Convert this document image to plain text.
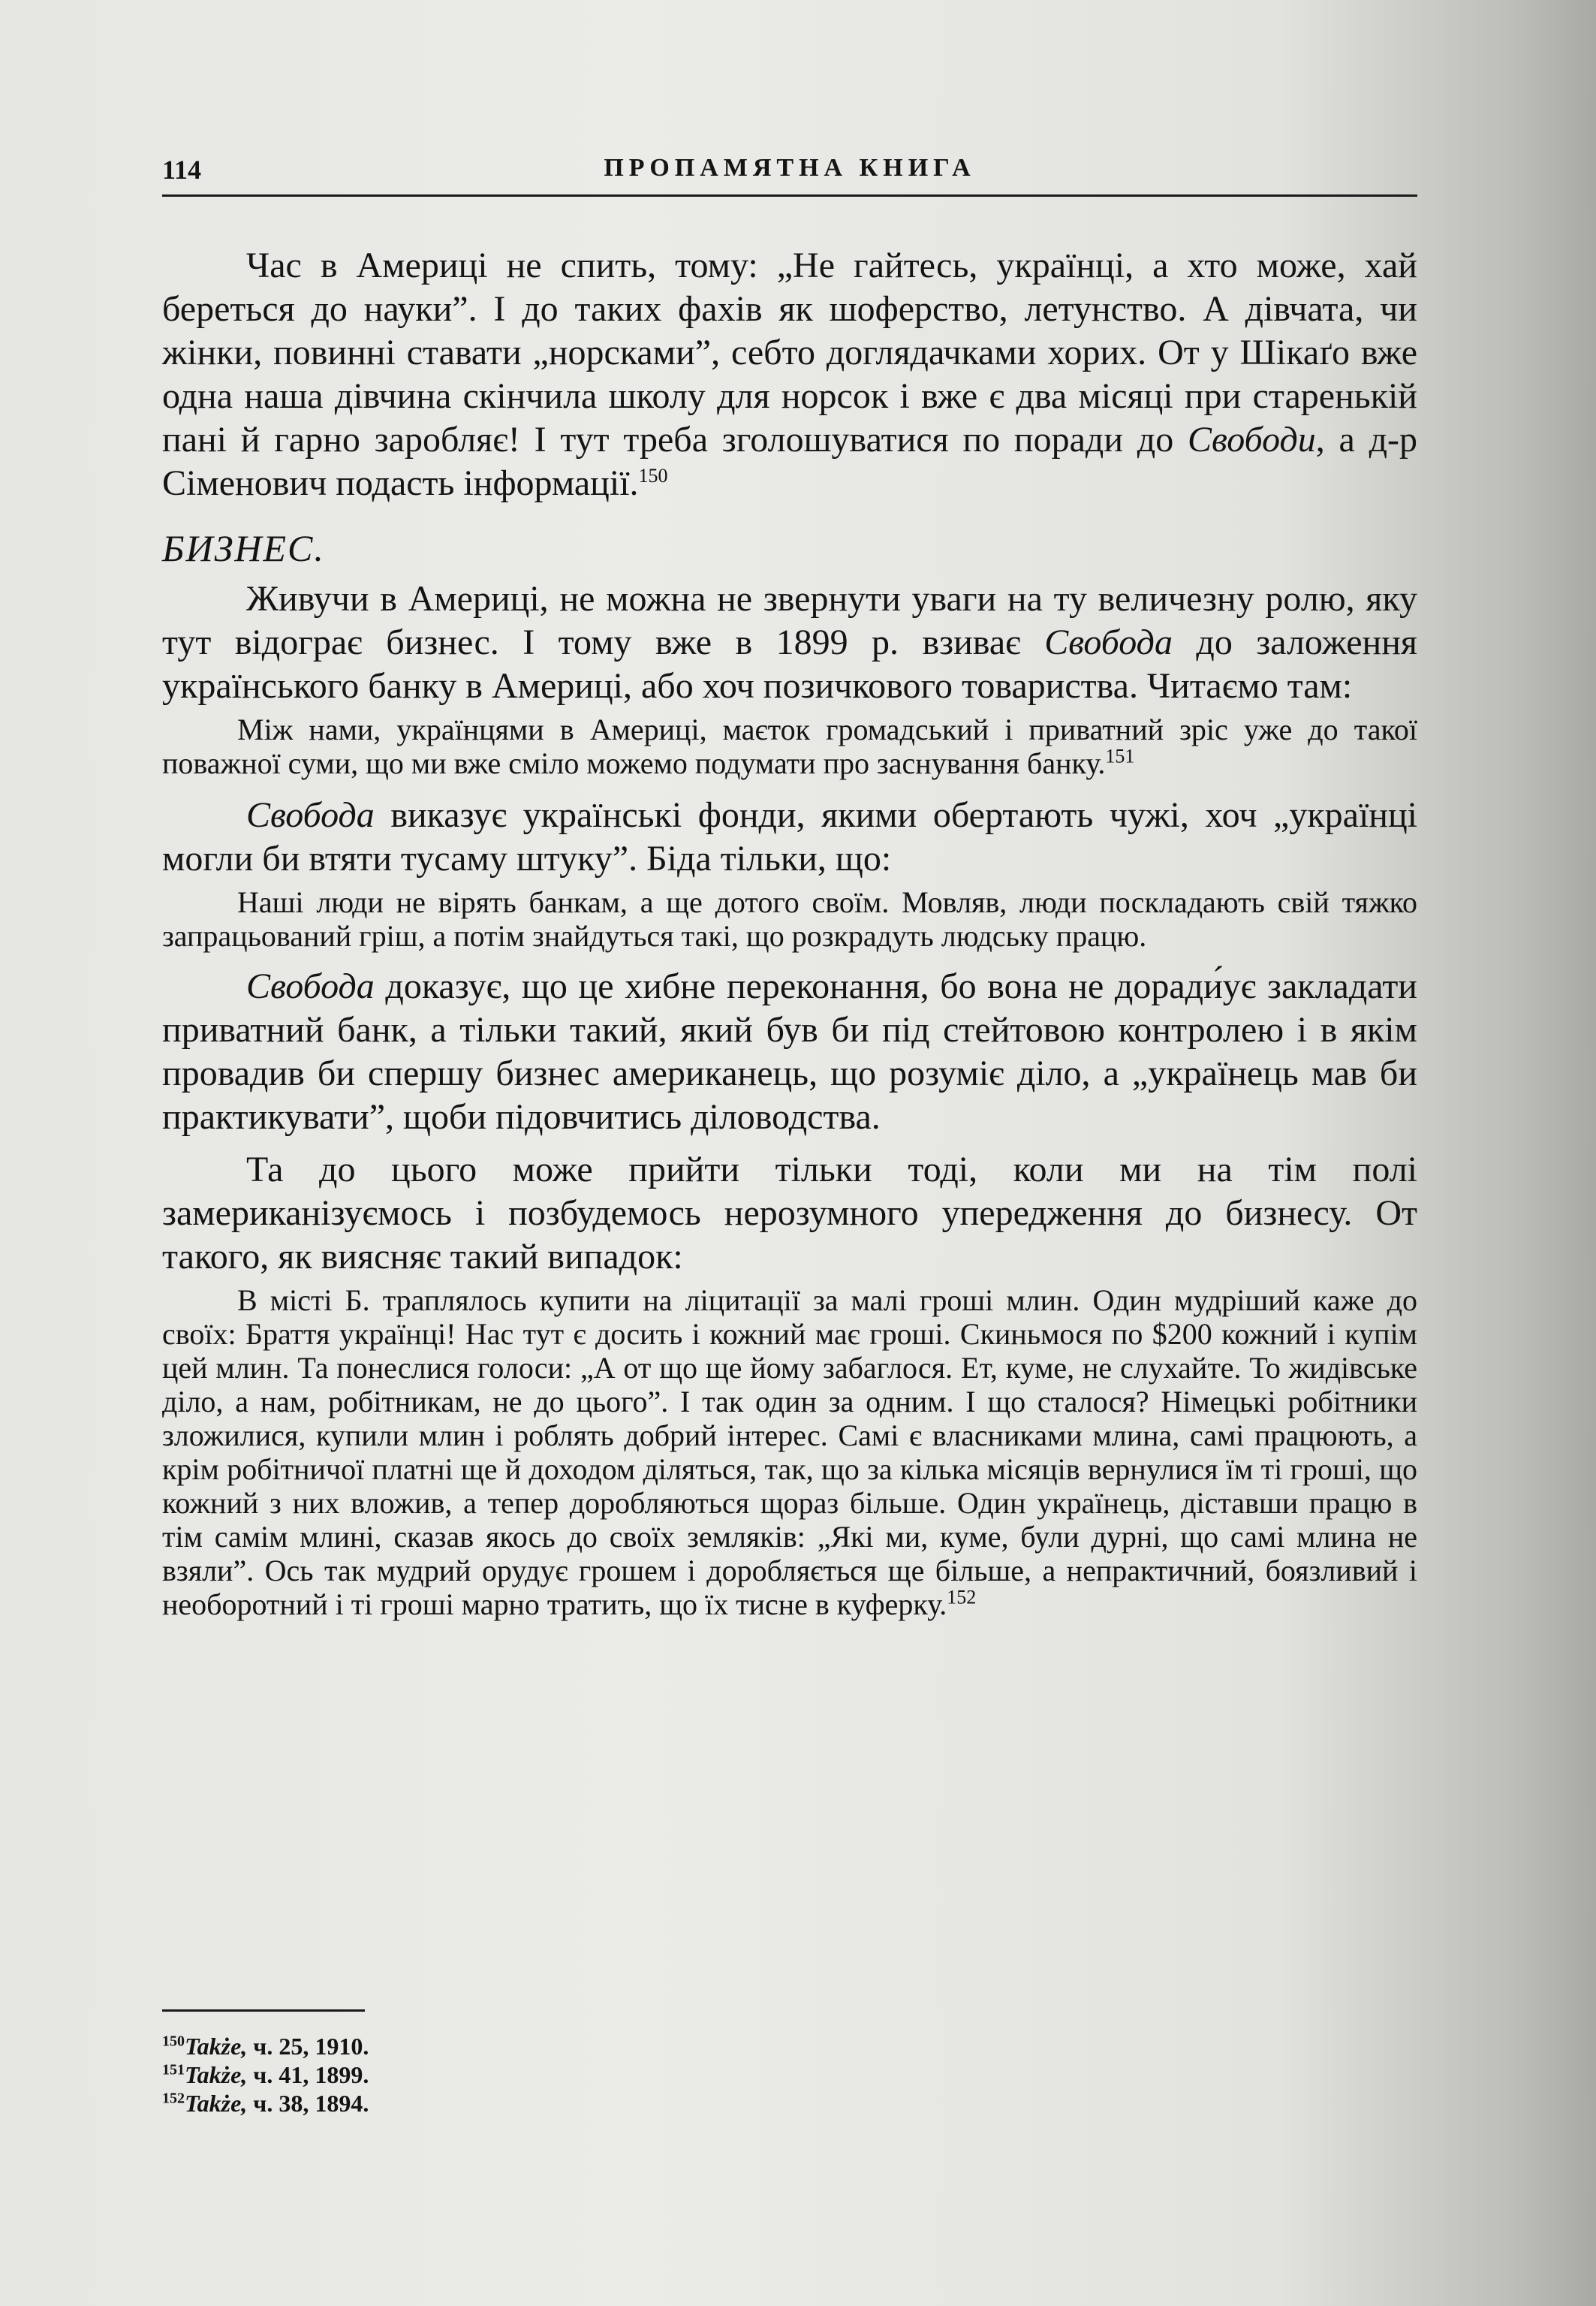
114	ПРОПАМЯТНА КНИГА

Час в Америці не спить, тому: „Не гайтесь, українці, а хто може, хай береться до науки”. І до таких фахів як шоферство, летунство. А дівчата, чи жінки, повинні ставати „норсками”, себто доглядачками хорих. От у Шікаґо вже одна наша дівчина скінчила школу для норсок і вже є два місяці при старенькій пані й гарно заробляє! І тут треба зголошуватися по поради до Свободи, а д-р Сіменович подасть інформації.$^{150}$

БИЗНЕС.

Живучи в Америці, не можна не звернути уваги на ту величезну ролю, яку тут відограє бизнес. І тому вже в 1899 р. взиває Свобода до заложення українського банку в Америці, або хоч позичкового товариства. Читаємо там:

Між нами, українцями в Америці, маєток громадський і приватний зріс уже до такої поважної суми, що ми вже сміло можемо подумати про заснування банку.$^{151}$

Свобода виказує українські фонди, якими обертають чужі, хоч „українці могли би втяти тусаму штуку”. Біда тільки, що:

Наші люди не вірять банкам, а ще дотого своїм. Мовляв, люди посклaдають свій тяжко запрацьований гріш, а потім знайдуться такі, що розкрадуть людську працю.

Свобода доказує, що це хибне переконання, бо вона не доради́ує закладати приватний банк, а тільки такий, який був би під стейтовою контролею і в якім провадив би спершу бизнес американець, що розуміє діло, а „українець мав би практикувати”, щоби підовчитись діловодства.

Та до цього може прийти тільки тоді, коли ми на тім полі замериканізуємось і позбудемось нерозумного упередження до бизнесу. От такого, як виясняє такий випадок:

В місті Б. траплялось купити на ліцитації за малі гроші млин. Один мудріший каже до своїх: Браття українці! Нас тут є досить і кожний має гроші. Скиньмося по $200 кожний і купім цей млин. Та понеслися голоси: „А от що ще йому забаглося. Ет, куме, не слухайте. То жидівське діло, а нам, робітникам, не до цього”. І так один за одним. І що сталося? Німецькі робітники зложилися, купили млин і роблять добрий інтерес. Самі є власниками млина, самі працюють, а крім робітничої платні ще й доходом діляться, так, що за кілька місяців вернулися їм ті гроші, що кожний з них вложив, а тепер доробляються щораз більше. Один українець, діставши працю в тім самім млині, сказав якось до своїх земляків: „Які ми, куме, були дурні, що самі млина не взяли”. Ось так мудрий орудує грошем і доробляється ще більше, а непрактичний, боязливий і необоротний і ті гроші марно тратить, що їх тисне в куферку.$^{152}$

$^{150}$Także, ч. 25, 1910.
$^{151}$Także, ч. 41, 1899.
$^{152}$Także, ч. 38, 1894.
